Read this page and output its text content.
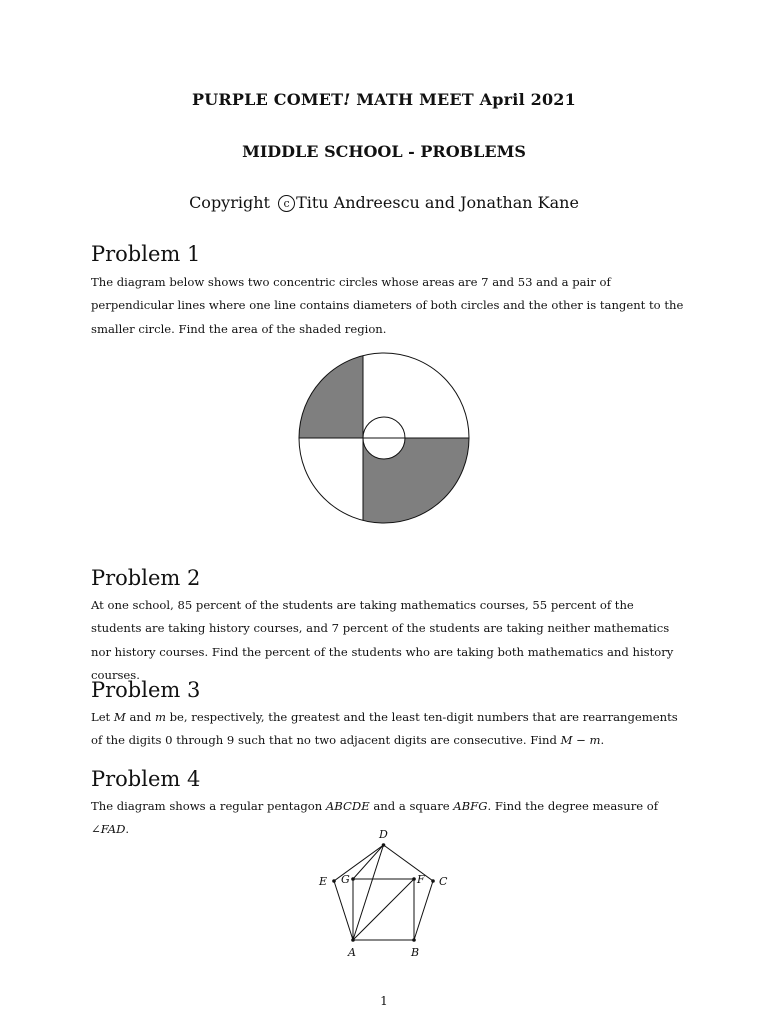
PURPLE COMET! MATH MEET April 2021
MIDDLE SCHOOL - PROBLEMS
Copyright c Titu Andreescu and Jonathan Kane
Problem 1

The diagram below shows two concentric circles whose areas are 7 and 53 and a pair of perpendicular lines where one line contains diameters of both circles and the other is tangent to the smaller circle. Find the area of the shaded region.

Problem 2

At one school, 85 percent of the students are taking mathematics courses, 55 percent of the students are taking history courses, and 7 percent of the students are taking neither mathematics nor history courses. Find the percent of the students who are taking both mathematics and history courses.

Problem 3

Let M and m be, respectively, the greatest and the least ten-digit numbers that are rearrangements of the digits 0 through 9 such that no two adjacent digits are consecutive. Find M − m.

Problem 4

The diagram shows a regular pentagon ABCDE and a square ABFG. Find the degree measure of ∠FAD.

A	B
C
D
E	F
G
1
